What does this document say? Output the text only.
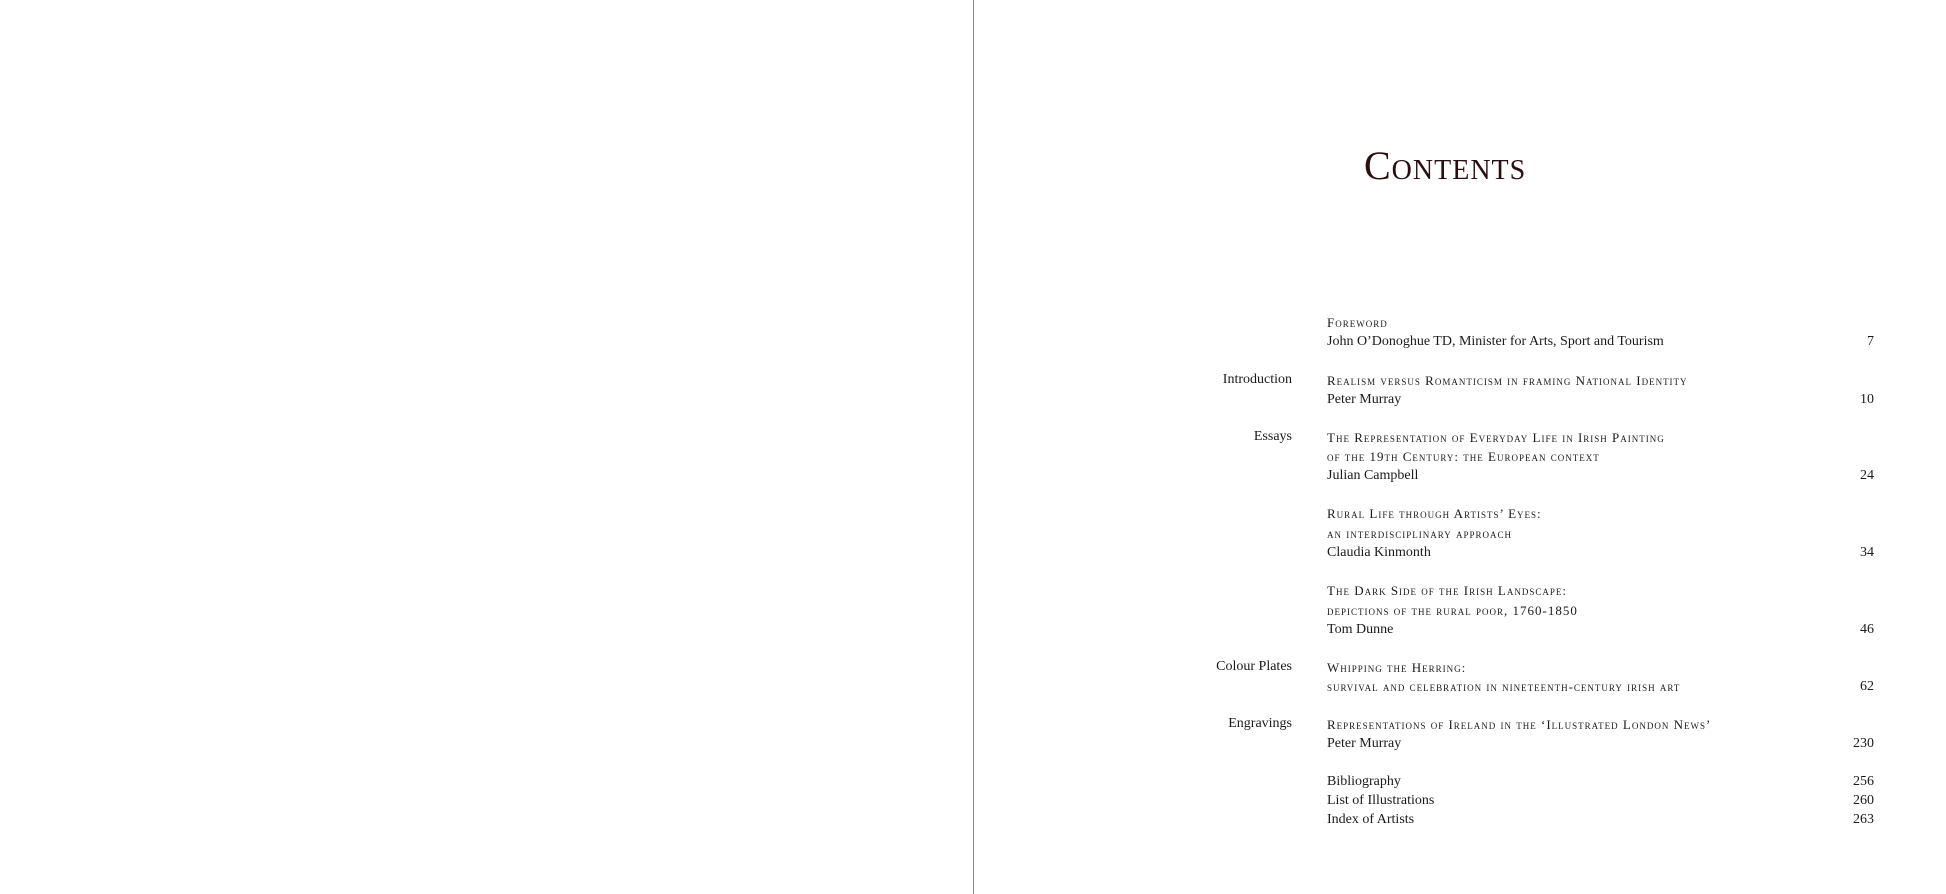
Contents
Foreword
John O’Donoghue TD, Minister for Arts, Sport and Tourism	7
Introduction	Realism versus Romanticism in framing National Identity
Peter Murray	10
Essays	The Representation of Everyday Life in Irish Painting
of the 19th Century: the European context
Julian Campbell	24
Rural Life through Artists’ Eyes:
an interdisciplinary approach
Claudia Kinmonth	34
The Dark Side of the Irish Landscape:
depictions of the rural poor, 1760-1850
Tom Dunne	46
Colour Plates	Whipping the Herring:
survival and celebration in nineteenth-century irish art	62
Engravings	Representations of Ireland in the ‘Illustrated London News’
Peter Murray	230
Bibliography	256
List of Illustrations	260
Index of Artists	263
